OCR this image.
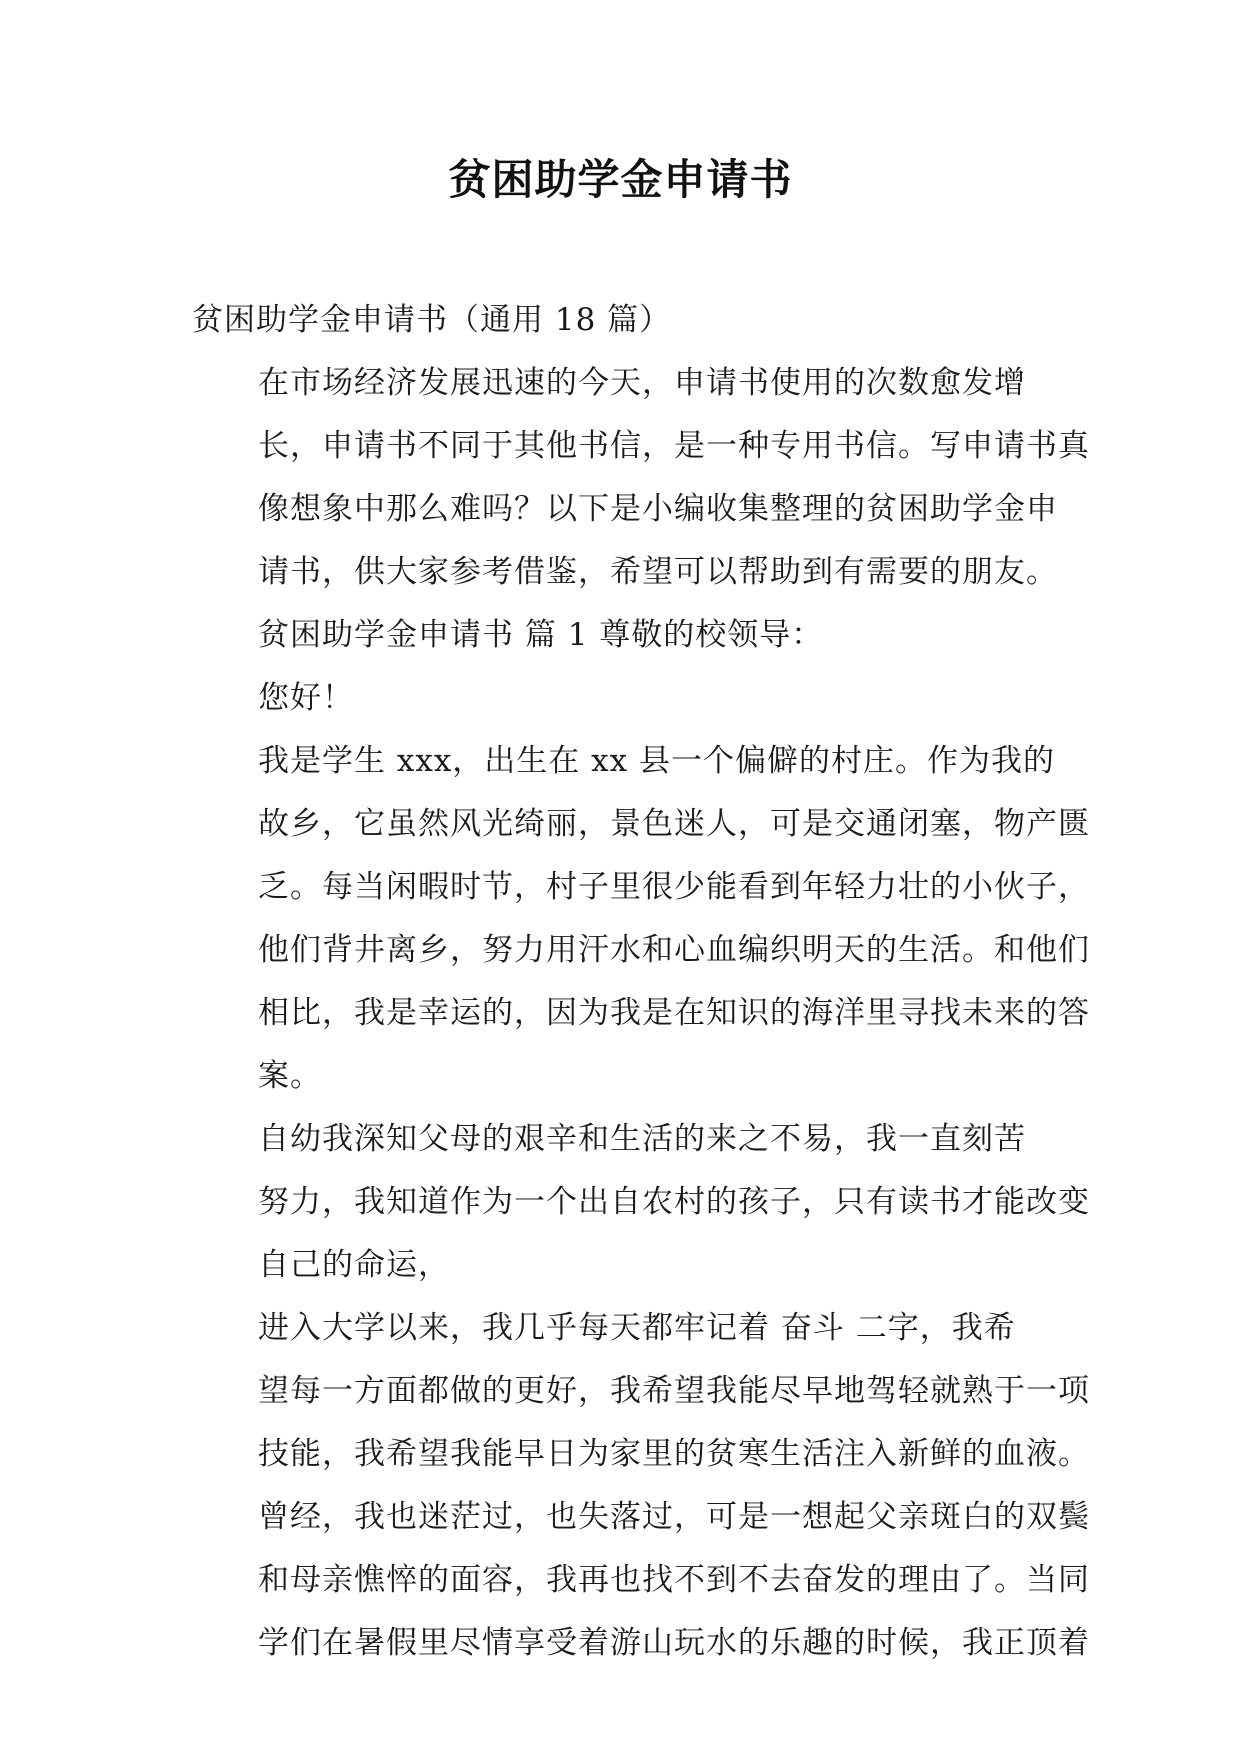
贫困助学金申请书

贫困助学金申请书（通用 18 篇）

在市场经济发展迅速的今天，申请书使用的次数愈发增
长，申请书不同于其他书信，是一种专用书信。写申请书真
像想象中那么难吗？以下是小编收集整理的贫困助学金申
请书，供大家参考借鉴，希望可以帮助到有需要的朋友。

贫困助学金申请书 篇 1 尊敬的校领导：

您好！

我是学生 xxx，出生在 xx 县一个偏僻的村庄。作为我的
故乡，它虽然风光绮丽，景色迷人，可是交通闭塞，物产匮
乏。每当闲暇时节，村子里很少能看到年轻力壮的小伙子，
他们背井离乡，努力用汗水和心血编织明天的生活。和他们
相比，我是幸运的，因为我是在知识的海洋里寻找未来的答
案。

自幼我深知父母的艰辛和生活的来之不易，我一直刻苦
努力，我知道作为一个出自农村的孩子，只有读书才能改变
自己的命运，

进入大学以来，我几乎每天都牢记着 奋斗 二字，我希
望每一方面都做的更好，我希望我能尽早地驾轻就熟于一项
技能，我希望我能早日为家里的贫寒生活注入新鲜的血液。
曾经，我也迷茫过，也失落过，可是一想起父亲斑白的双鬓
和母亲憔悴的面容，我再也找不到不去奋发的理由了。当同
学们在暑假里尽情享受着游山玩水的乐趣的时候，我正顶着
